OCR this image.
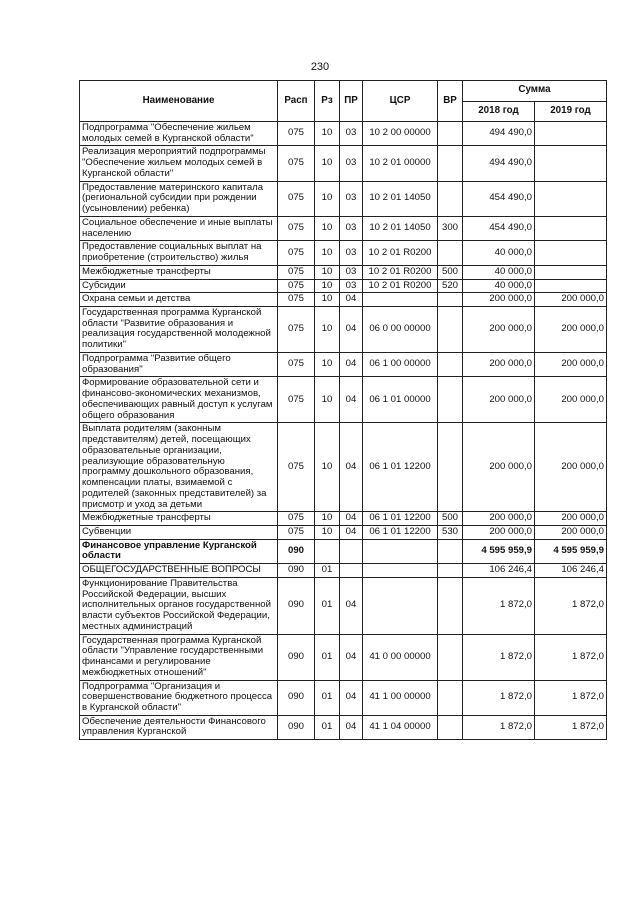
230
Наименование	Расп	Рз	ПР	ЦСР	ВР	Сумма	
						2018 год	2019 год
Подпрограмма "Обеспечение жильем молодых семей в Курганской области"	075	10	03	10 2 00 00000		494 490,0	
Реализация мероприятий подпрограммы "Обеспечение жильем молодых семей в Курганской области"	075	10	03	10 2 01 00000		494 490,0	
Предоставление материнского капитала (региональной субсидии при рождении (усыновлении) ребенка)	075	10	03	10 2 01 14050		454 490,0	
Социальное обеспечение и иные выплаты населению	075	10	03	10 2 01 14050	300	454 490,0	
Предоставление социальных выплат на приобретение (строительство) жилья	075	10	03	10 2 01 R0200		40 000,0	
Межбюджетные трансферты	075	10	03	10 2 01 R0200	500	40 000,0	
Субсидии	075	10	03	10 2 01 R0200	520	40 000,0	
Охрана семьи и детства	075	10	04			200 000,0	200 000,0
Государственная программа Курганской области "Развитие образования и реализация государственной молодежной политики"	075	10	04	06 0 00 00000		200 000,0	200 000,0
Подпрограмма "Развитие общего образования"	075	10	04	06 1 00 00000		200 000,0	200 000,0
Формирование образовательной сети и финансово-экономических механизмов, обеспечивающих равный доступ к услугам общего образования	075	10	04	06 1 01 00000		200 000,0	200 000,0
Выплата родителям (законным представителям) детей, посещающих образовательные организации, реализующие образовательную программу дошкольного образования, компенсации платы, взимаемой с родителей (законных представителей) за присмотр и уход за детьми	075	10	04	06 1 01 12200		200 000,0	200 000,0
Межбюджетные трансферты	075	10	04	06 1 01 12200	500	200 000,0	200 000,0
Субвенции	075	10	04	06 1 01 12200	530	200 000,0	200 000,0
Финансовое управление Курганской области	090					4 595 959,9	4 595 959,9
ОБЩЕГОСУДАРСТВЕННЫЕ ВОПРОСЫ	090	01				106 246,4	106 246,4
Функционирование Правительства Российской Федерации, высших исполнительных органов государственной власти субъектов Российской Федерации, местных администраций	090	01	04			1 872,0	1 872,0
Государственная программа Курганской области "Управление государственными финансами и регулирование межбюджетных отношений"	090	01	04	41 0 00 00000		1 872,0	1 872,0
Подпрограмма "Организация и совершенствование бюджетного процесса в Курганской области"	090	01	04	41 1 00 00000		1 872,0	1 872,0
Обеспечение деятельности Финансового управления Курганской	090	01	04	41 1 04 00000		1 872,0	1 872,0
